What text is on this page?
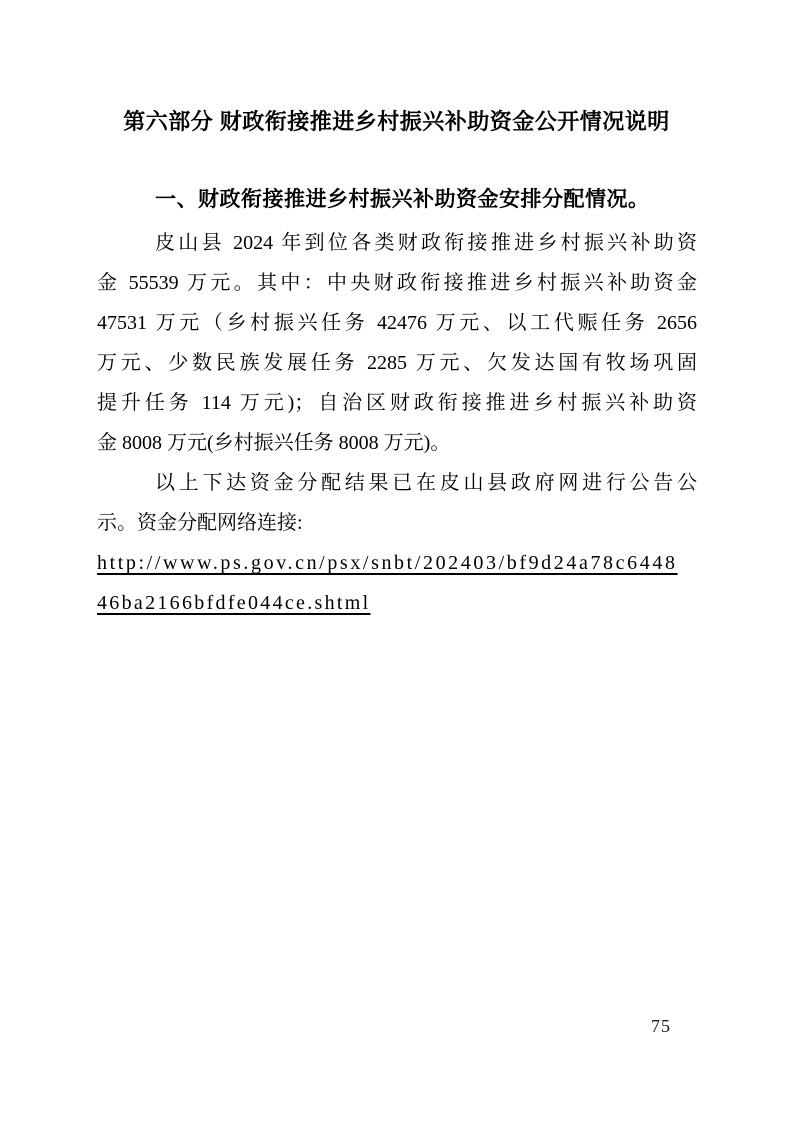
第六部分 财政衔接推进乡村振兴补助资金公开情况说明
一、财政衔接推进乡村振兴补助资金安排分配情况。
皮山县 2024 年到位各类财政衔接推进乡村振兴补助资
金 55539 万元。其中：中央财政衔接推进乡村振兴补助资金
47531 万元（乡村振兴任务 42476 万元、以工代赈任务 2656
万元、少数民族发展任务 2285 万元、欠发达国有牧场巩固
提升任务 114 万元)；自治区财政衔接推进乡村振兴补助资
金 8008 万元(乡村振兴任务 8008 万元)。
以上下达资金分配结果已在皮山县政府网进行公告公
示。资金分配网络连接:
http://www.ps.gov.cn/psx/snbt/202403/bf9d24a78c6448
46ba2166bfdfe044ce.shtml
75
